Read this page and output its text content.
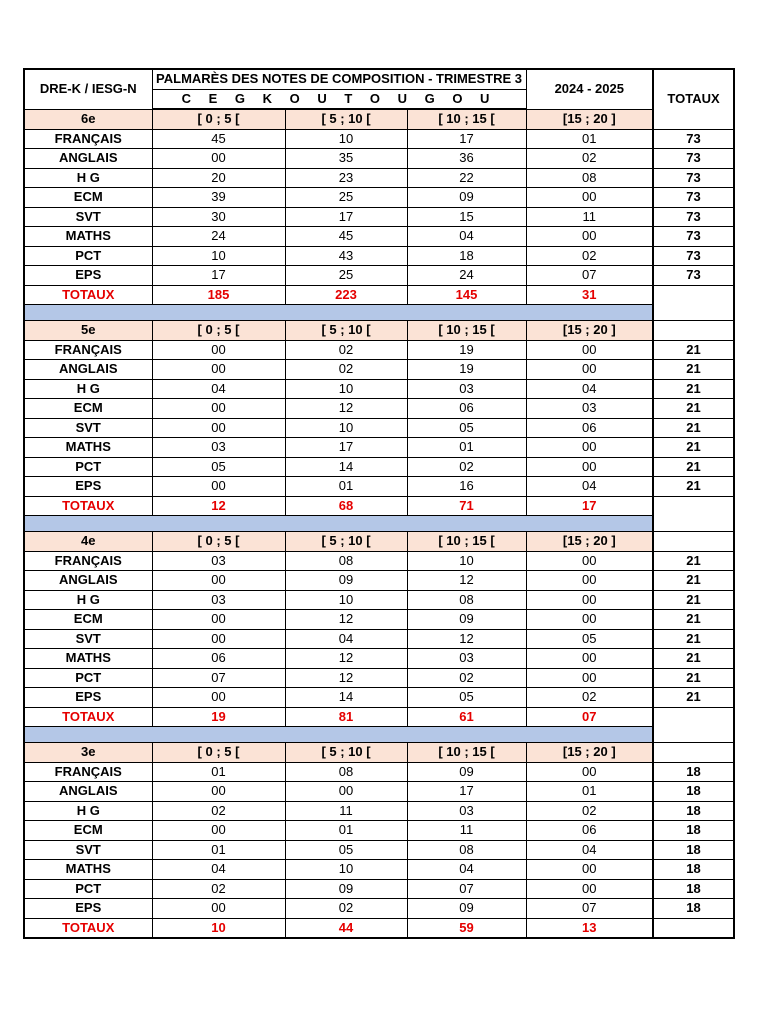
DRE-K / IESG-N	PALMARÈS DES NOTES DE COMPOSITION - TRIMESTRE 3			2024 - 2025	TOTAUX
	C E G K O U T O U G O U				
6e	[ 0 ; 5 [	[ 5 ; 10 [	[ 10 ; 15 [	[15 ; 20 ]	
FRANÇAIS	45	10	17	01	73
ANGLAIS	00	35	36	02	73
H G	20	23	22	08	73
ECM	39	25	09	00	73
SVT	30	17	15	11	73
MATHS	24	45	04	00	73
PCT	10	43	18	02	73
EPS	17	25	24	07	73
TOTAUX	185	223	145	31	

5e	[ 0 ; 5 [	[ 5 ; 10 [	[ 10 ; 15 [	[15 ; 20 ]	
FRANÇAIS	00	02	19	00	21
ANGLAIS	00	02	19	00	21
H G	04	10	03	04	21
ECM	00	12	06	03	21
SVT	00	10	05	06	21
MATHS	03	17	01	00	21
PCT	05	14	02	00	21
EPS	00	01	16	04	21
TOTAUX	12	68	71	17	

4e	[ 0 ; 5 [	[ 5 ; 10 [	[ 10 ; 15 [	[15 ; 20 ]	
FRANÇAIS	03	08	10	00	21
ANGLAIS	00	09	12	00	21
H G	03	10	08	00	21
ECM	00	12	09	00	21
SVT	00	04	12	05	21
MATHS	06	12	03	00	21
PCT	07	12	02	00	21
EPS	00	14	05	02	21
TOTAUX	19	81	61	07	

3e	[ 0 ; 5 [	[ 5 ; 10 [	[ 10 ; 15 [	[15 ; 20 ]	
FRANÇAIS	01	08	09	00	18
ANGLAIS	00	00	17	01	18
H G	02	11	03	02	18
ECM	00	01	11	06	18
SVT	01	05	08	04	18
MATHS	04	10	04	00	18
PCT	02	09	07	00	18
EPS	00	02	09	07	18
TOTAUX	10	44	59	13	
